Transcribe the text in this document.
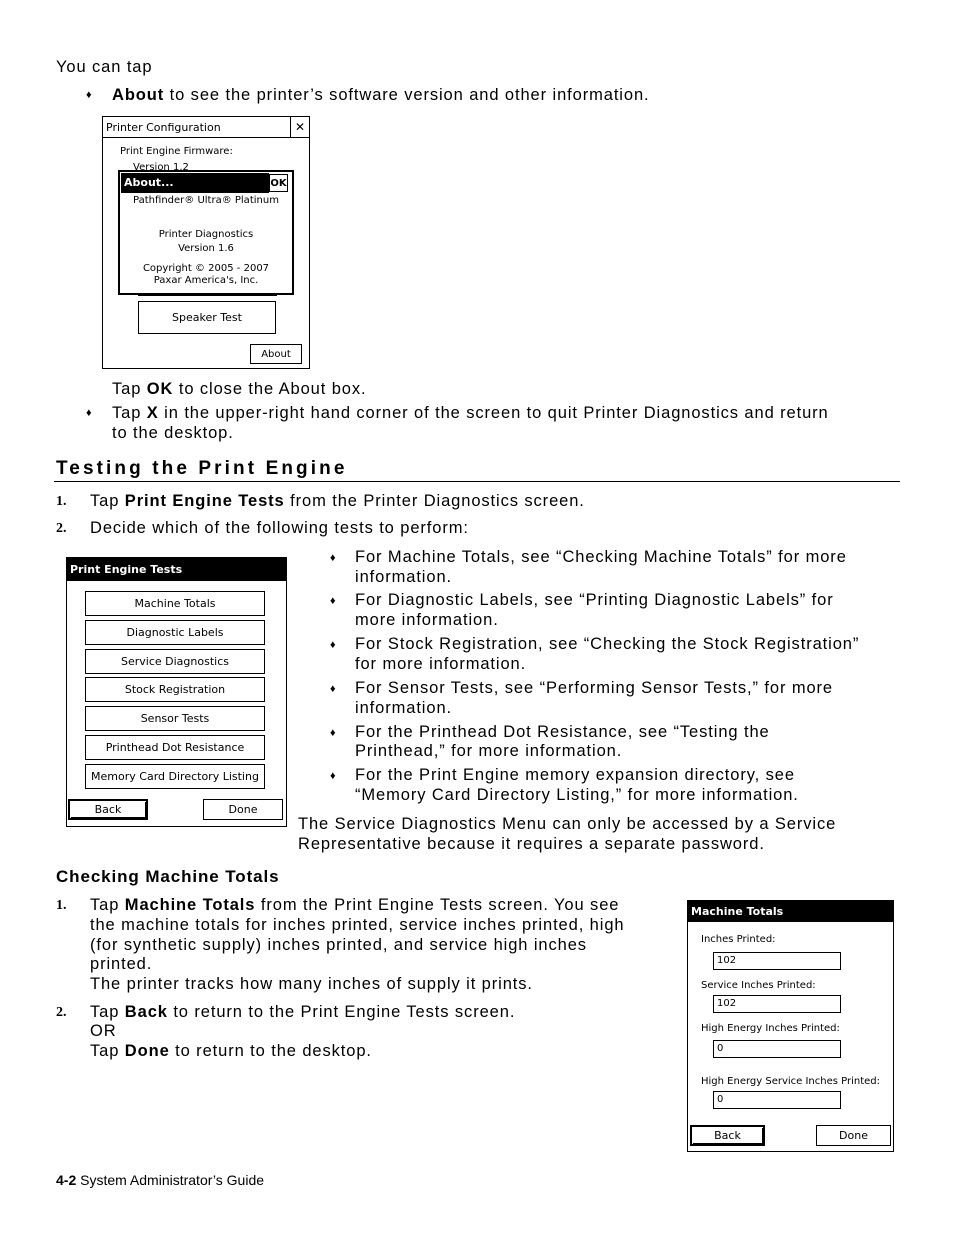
You can tap
♦ About to see the printer’s software version and other information.
Printer Configuration	✕
Print Engine Firmware:
Version 1.2
Speaker Test
About
About...	OK
Pathfinder® Ultra® Platinum
Printer Diagnostics
Version 1.6
Copyright © 2005 - 2007
Paxar America's, Inc.
Tap OK to close the About box.
♦ Tap X in the upper-right hand corner of the screen to quit Printer Diagnostics and return
to the desktop.
Testing the Print Engine
1. Tap Print Engine Tests from the Printer Diagnostics screen.
2. Decide which of the following tests to perform:
Print Engine Tests
Machine Totals
Diagnostic Labels
Service Diagnostics
Stock Registration
Sensor Tests
Printhead Dot Resistance
Memory Card Directory Listing
Back	Done
♦ For Machine Totals, see “Checking Machine Totals” for more
information.
♦ For Diagnostic Labels, see “Printing Diagnostic Labels” for
more information.
♦ For Stock Registration, see “Checking the Stock Registration”
for more information.
♦ For Sensor Tests, see “Performing Sensor Tests,” for more
information.
♦ For the Printhead Dot Resistance, see “Testing the
Printhead,” for more information.
♦ For the Print Engine memory expansion directory, see
“Memory Card Directory Listing,” for more information.
The Service Diagnostics Menu can only be accessed by a Service
Representative because it requires a separate password.
Checking Machine Totals
1. Tap Machine Totals from the Print Engine Tests screen. You see
the machine totals for inches printed, service inches printed, high
(for synthetic supply) inches printed, and service high inches
printed.
The printer tracks how many inches of supply it prints.
2. Tap Back to return to the Print Engine Tests screen.
OR
Tap Done to return to the desktop.
Machine Totals
Inches Printed:
102
Service Inches Printed:
102
High Energy Inches Printed:
0
High Energy Service Inches Printed:
0
Back	Done
4-2 System Administrator’s Guide
